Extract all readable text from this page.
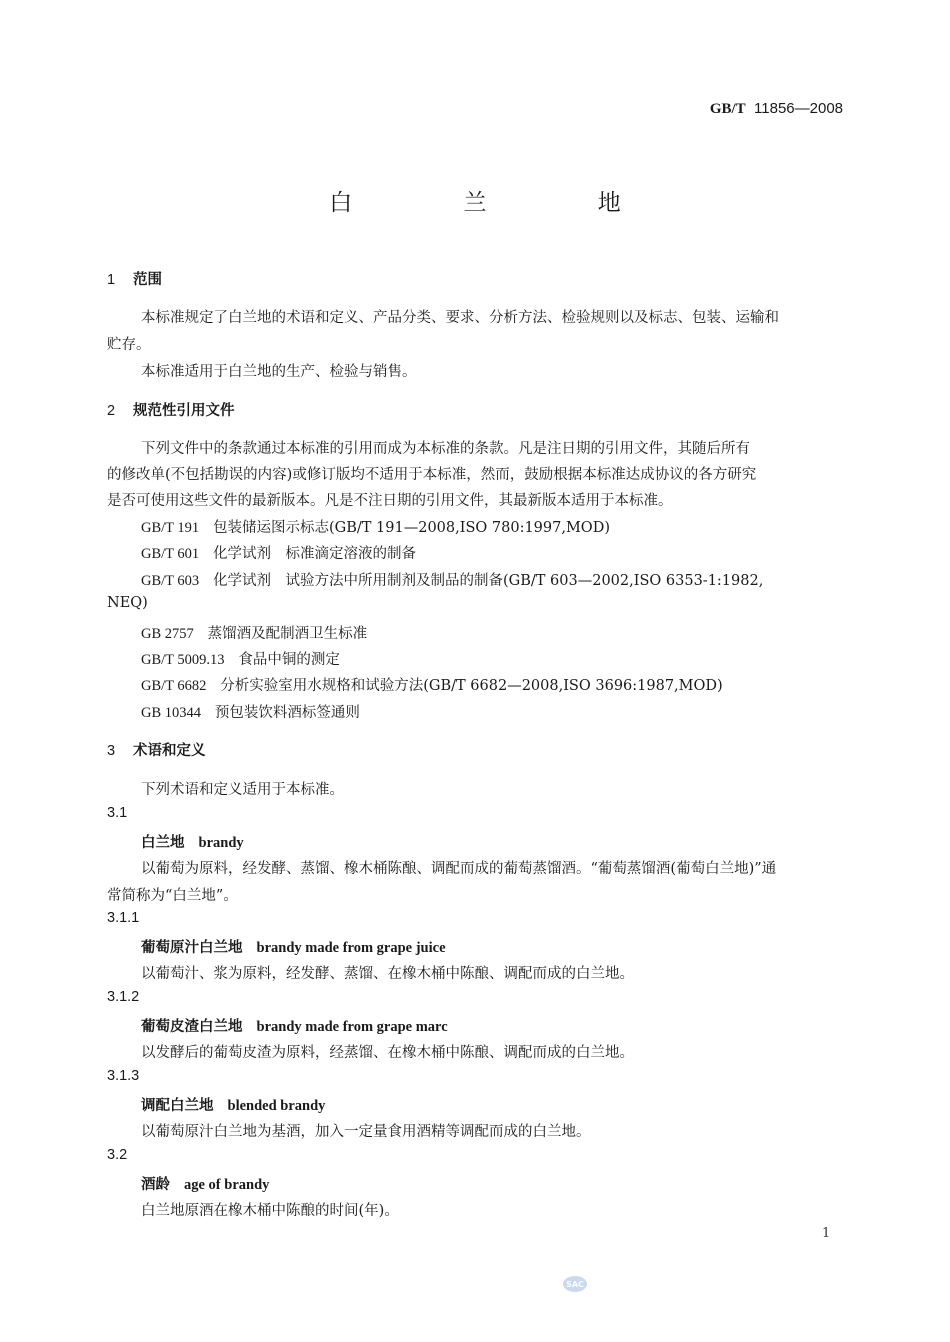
GB/T 11856—2008
白 兰 地
1 范围
本标准规定了白兰地的术语和定义、产品分类、要求、分析方法、检验规则以及标志、包装、运输和
贮存。
本标准适用于白兰地的生产、检验与销售。
2 规范性引用文件
下列文件中的条款通过本标准的引用而成为本标准的条款。凡是注日期的引用文件，其随后所有
的修改单(不包括勘误的内容)或修订版均不适用于本标准，然而，鼓励根据本标准达成协议的各方研究
是否可使用这些文件的最新版本。凡是不注日期的引用文件，其最新版本适用于本标准。
GB/T 191 包装储运图示标志(GB/T 191—2008,ISO 780:1997,MOD)
GB/T 601 化学试剂　标准滴定溶液的制备
GB/T 603 化学试剂　试验方法中所用制剂及制品的制备(GB/T 603—2002,ISO 6353-1:1982,
NEQ)
GB 2757 蒸馏酒及配制酒卫生标准
GB/T 5009.13 食品中铜的测定
GB/T 6682 分析实验室用水规格和试验方法(GB/T 6682—2008,ISO 3696:1987,MOD)
GB 10344 预包装饮料酒标签通则
3 术语和定义
下列术语和定义适用于本标准。
3.1
白兰地 brandy
以葡萄为原料，经发酵、蒸馏、橡木桶陈酿、调配而成的葡萄蒸馏酒。“葡萄蒸馏酒(葡萄白兰地)”通
常简称为“白兰地”。
3.1.1
葡萄原汁白兰地 brandy made from grape juice
以葡萄汁、浆为原料，经发酵、蒸馏、在橡木桶中陈酿、调配而成的白兰地。
3.1.2
葡萄皮渣白兰地 brandy made from grape marc
以发酵后的葡萄皮渣为原料，经蒸馏、在橡木桶中陈酿、调配而成的白兰地。
3.1.3
调配白兰地 blended brandy
以葡萄原汁白兰地为基酒，加入一定量食用酒精等调配而成的白兰地。
3.2
酒龄 age of brandy
白兰地原酒在橡木桶中陈酿的时间(年)。
1
SAC
